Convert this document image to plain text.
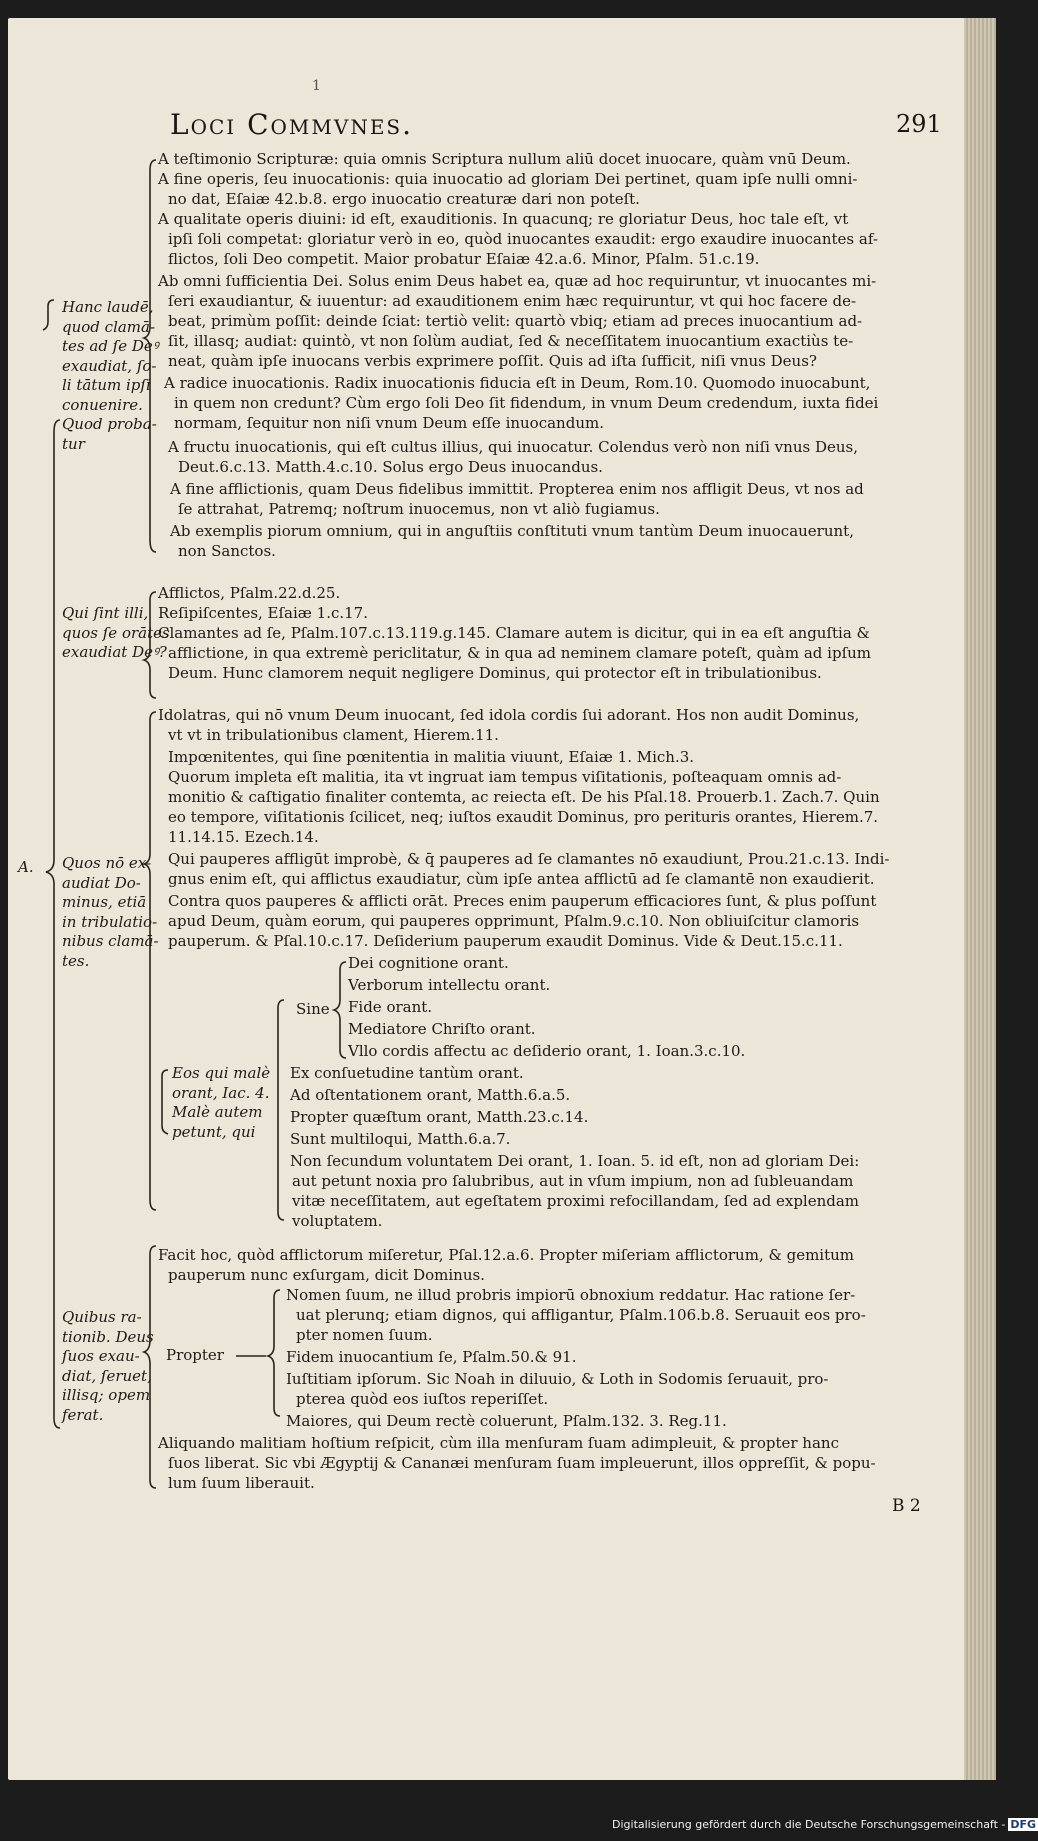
1
Loci Commvnes.	291
A.
Hanc laudē,
quod clamā-
tes ad ſe Deꝰ
exaudiat, ſo-
li tātum ipſi
conuenire.
Quod proba-
tur
A teſtimonio Scripturæ: quia omnis Scriptura nullum aliū docet inuocare, quàm vnū Deum.
A fine operis, ſeu inuocationis: quia inuocatio ad gloriam Dei pertinet, quam ipſe nulli omni-
no dat, Eſaiæ 42.b.8. ergo inuocatio creaturæ dari non poteſt.
A qualitate operis diuini: id eſt, exauditionis. In quacunq; re gloriatur Deus, hoc tale eſt, vt
ipſi ſoli competat: gloriatur verò in eo, quòd inuocantes exaudit: ergo exaudire inuocantes af-
flictos, ſoli Deo competit. Maior probatur Eſaiæ 42.a.6. Minor, Pſalm. 51.c.19.
Ab omni ſufficientia Dei. Solus enim Deus habet ea, quæ ad hoc requiruntur, vt inuocantes mi-
ſeri exaudiantur, & iuuentur: ad exauditionem enim hæc requiruntur, vt qui hoc facere de-
beat, primùm poſſit: deinde ſciat: tertiò velit: quartò vbiq; etiam ad preces inuocantium ad-
ſit, illasq; audiat: quintò, vt non ſolùm audiat, ſed & neceſſitatem inuocantium exactiùs te-
neat, quàm ipſe inuocans verbis exprimere poſſit. Quis ad iſta ſufficit, niſi vnus Deus?
A radice inuocationis. Radix inuocationis fiducia eſt in Deum, Rom.10. Quomodo inuocabunt,
in quem non credunt? Cùm ergo ſoli Deo ſit fidendum, in vnum Deum credendum, iuxta fidei
normam, ſequitur non niſi vnum Deum eſſe inuocandum.
A fructu inuocationis, qui eſt cultus illius, qui inuocatur. Colendus verò non niſi vnus Deus,
Deut.6.c.13. Matth.4.c.10. Solus ergo Deus inuocandus.
A fine afflictionis, quam Deus fidelibus immittit. Propterea enim nos affligit Deus, vt nos ad
ſe attrahat, Patremq; noſtrum inuocemus, non vt aliò fugiamus.
Ab exemplis piorum omnium, qui in anguſtiis conſtituti vnum tantùm Deum inuocauerunt,
non Sanctos.
Qui ſint illi,
quos ſe orātes
exaudiat Deꝰ?
Afflictos, Pſalm.22.d.25.
Reſipiſcentes, Eſaiæ 1.c.17.
Clamantes ad ſe, Pſalm.107.c.13.119.g.145. Clamare autem is dicitur, qui in ea eſt anguſtia &
afflictione, in qua extremè periclitatur, & in qua ad neminem clamare poteſt, quàm ad ipſum
Deum. Hunc clamorem nequit negligere Dominus, qui protector eſt in tribulationibus.
Quos nō ex-
audiat Do-
minus, etiā
in tribulatio-
nibus clamā-
tes.
Idolatras, qui nō vnum Deum inuocant, ſed idola cordis ſui adorant. Hos non audit Dominus,
vt vt in tribulationibus clament, Hierem.11.
Impœnitentes, qui ſine pœnitentia in malitia viuunt, Eſaiæ 1. Mich.3.
Quorum impleta eſt malitia, ita vt ingruat iam tempus viſitationis, poſteaquam omnis ad-
monitio & caſtigatio finaliter contemta, ac reiecta eſt. De his Pſal.18. Prouerb.1. Zach.7. Quin
eo tempore, viſitationis ſcilicet, neq; iuſtos exaudit Dominus, pro perituris orantes, Hierem.7.
11.14.15. Ezech.14.
Qui pauperes affligūt improbè, & q̄ pauperes ad ſe clamantes nō exaudiunt, Prou.21.c.13. Indi-
gnus enim eſt, qui afflictus exaudiatur, cùm ipſe antea afflictū ad ſe clamantē non exaudierit.
Contra quos pauperes & afflicti orāt. Preces enim pauperum efficaciores ſunt, & plus poſſunt
apud Deum, quàm eorum, qui pauperes opprimunt, Pſalm.9.c.10. Non obliuiſcitur clamoris
pauperum. & Pſal.10.c.17. Deſiderium pauperum exaudit Dominus. Vide & Deut.15.c.11.
Eos qui malè
orant, Iac. 4.
Malè autem
petunt, qui
Sine
Dei cognitione orant.
Verborum intellectu orant.
Fide orant.
Mediatore Chriſto orant.
Vllo cordis affectu ac deſiderio orant, 1. Ioan.3.c.10.
Ex conſuetudine tantùm orant.
Ad oſtentationem orant, Matth.6.a.5.
Propter quæſtum orant, Matth.23.c.14.
Sunt multiloqui, Matth.6.a.7.
Non ſecundum voluntatem Dei orant, 1. Ioan. 5. id eſt, non ad gloriam Dei:
aut petunt noxia pro ſalubribus, aut in vſum impium, non ad ſubleuandam
vitæ neceſſitatem, aut egeſtatem proximi refocillandam, ſed ad explendam
voluptatem.
Quibus ra-
tionib. Deus
ſuos exau-
diat, ſeruet,
illisq; opem
ferat.
Facit hoc, quòd afflictorum miſeretur, Pſal.12.a.6. Propter miſeriam afflictorum, & gemitum
pauperum nunc exſurgam, dicit Dominus.
Propter
Nomen ſuum, ne illud probris impiorū obnoxium reddatur. Hac ratione ſer-
uat plerunq; etiam dignos, qui affligantur, Pſalm.106.b.8. Seruauit eos pro-
pter nomen ſuum.
Fidem inuocantium ſe, Pſalm.50.& 91.
Iuſtitiam ipſorum. Sic Noah in diluuio, & Loth in Sodomis ſeruauit, pro-
pterea quòd eos iuſtos reperiſſet.
Maiores, qui Deum rectè coluerunt, Pſalm.132. 3. Reg.11.
Aliquando malitiam hoſtium reſpicit, cùm illa menſuram ſuam adimpleuit, & propter hanc
ſuos liberat. Sic vbi Ægyptij & Cananæi menſuram ſuam impleuerunt, illos oppreſſit, & popu-
lum ſuum liberauit.
B 2
Digitalisierung gefördert durch die Deutsche Forschungsgemeinschaft - DFG
